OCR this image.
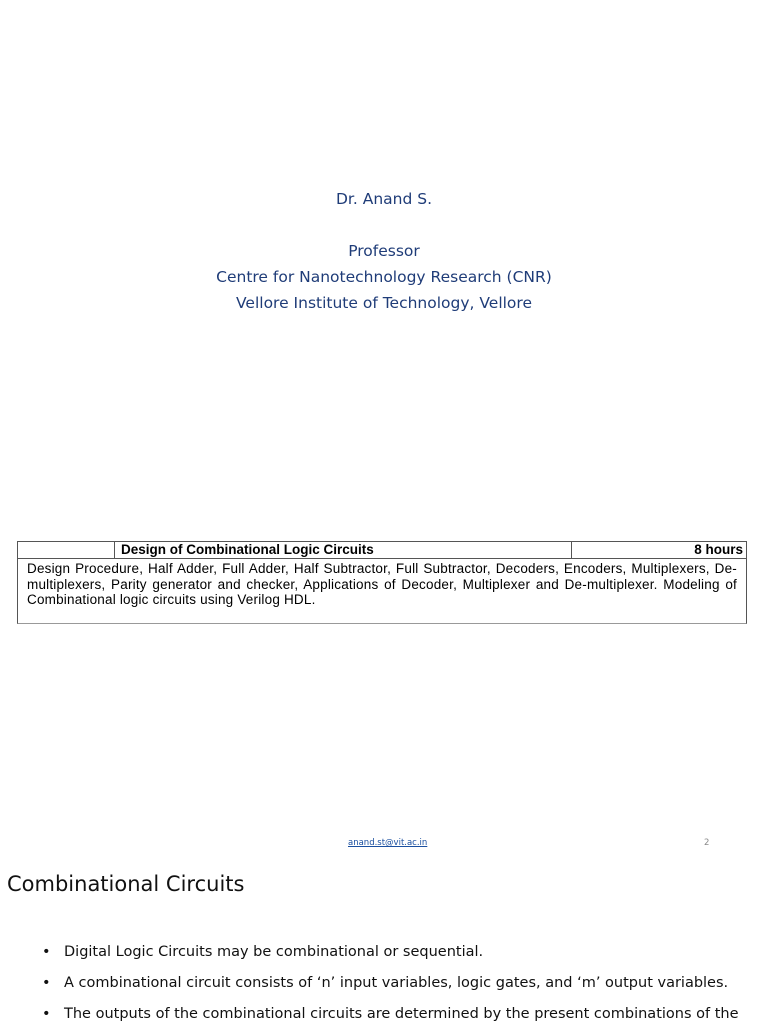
Dr. Anand S.
Professor
Centre for Nanotechnology Research (CNR)
Vellore Institute of Technology, Vellore
Design of Combinational Logic Circuits	8 hours
Design Procedure, Half Adder, Full Adder, Half Subtractor, Full Subtractor, Decoders, Encoders, Multiplexers, De-multiplexers, Parity generator and checker, Applications of Decoder, Multiplexer and De-multiplexer. Modeling of Combinational logic circuits using Verilog HDL.
anand.st@vit.ac.in	2
Combinational Circuits
• Digital Logic Circuits may be combinational or sequential.
• A combinational circuit consists of ‘n’ input variables, logic gates, and ‘m’ output variables.
• The outputs of the combinational circuits are determined by the present combinations of the
